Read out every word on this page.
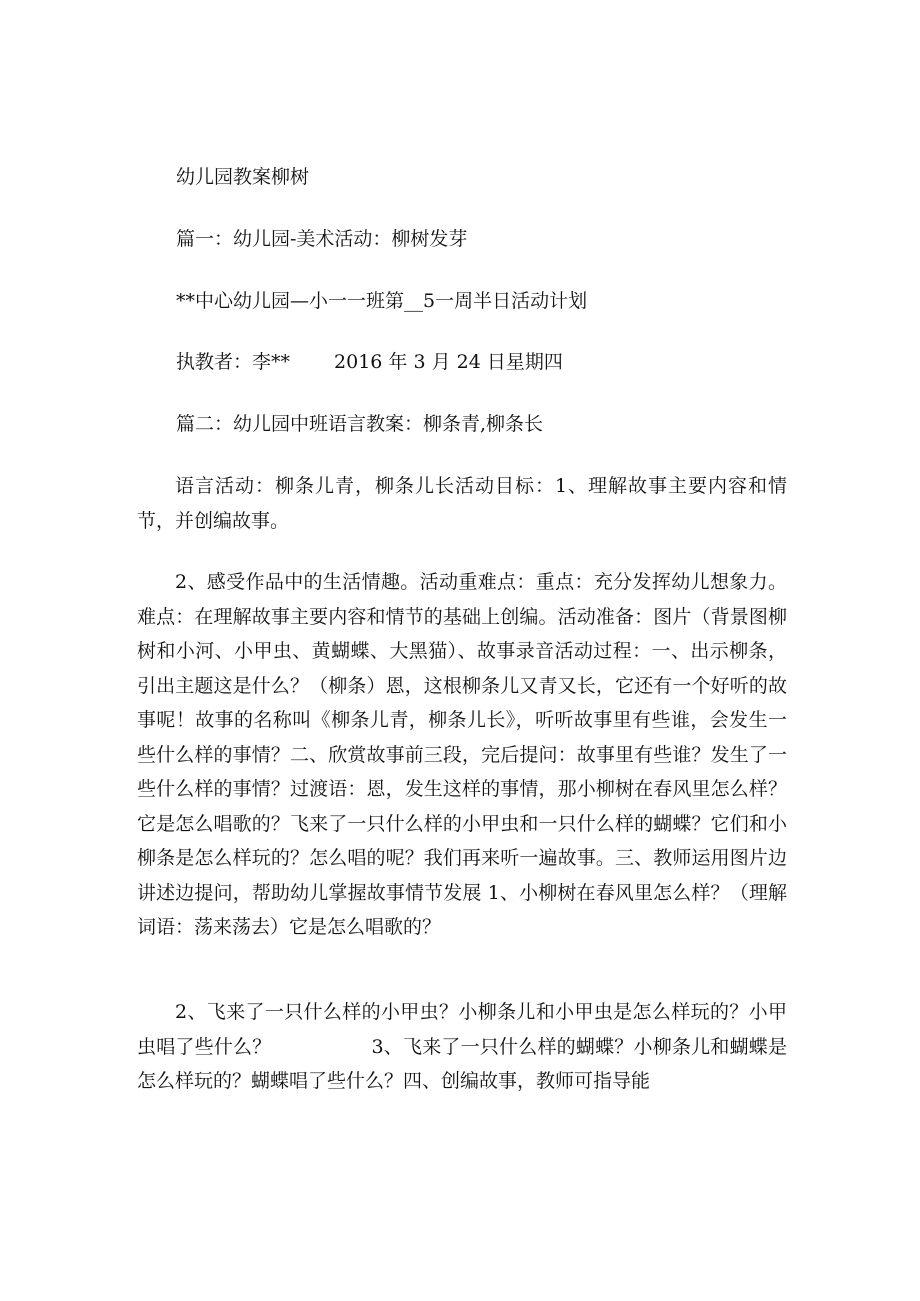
幼儿园教案柳树
篇一：幼儿园-美术活动：柳树发芽
**中心幼儿园—小一一班第__5一周半日活动计划
执教者：李** 2016 年 3 月 24 日星期四
篇二：幼儿园中班语言教案：柳条青,柳条长

语言活动：柳条儿青，柳条儿长活动目标：1、理解故事主要内容和情节，并创编故事。

2、感受作品中的生活情趣。活动重难点：重点：充分发挥幼儿想象力。难点：在理解故事主要内容和情节的基础上创编。活动准备：图片（背景图柳树和小河、小甲虫、黄蝴蝶、大黑猫）、故事录音活动过程：一、出示柳条，引出主题这是什么？（柳条）恩，这根柳条儿又青又长，它还有一个好听的故事呢！故事的名称叫《柳条儿青，柳条儿长》，听听故事里有些谁，会发生一些什么样的事情？二、欣赏故事前三段，完后提问：故事里有些谁？发生了一些什么样的事情？过渡语：恩，发生这样的事情，那小柳树在春风里怎么样？它是怎么唱歌的？飞来了一只什么样的小甲虫和一只什么样的蝴蝶？它们和小柳条是怎么样玩的？怎么唱的呢？我们再来听一遍故事。三、教师运用图片边讲述边提问，帮助幼儿掌握故事情节发展 1、小柳树在春风里怎么样？（理解词语：荡来荡去）它是怎么唱歌的？

2、飞来了一只什么样的小甲虫？小柳条儿和小甲虫是怎么样玩的？小甲虫唱了些什么？	3、飞来了一只什么样的蝴蝶？小柳条儿和蝴蝶是怎么样玩的？蝴蝶唱了些什么？四、创编故事，教师可指导能
